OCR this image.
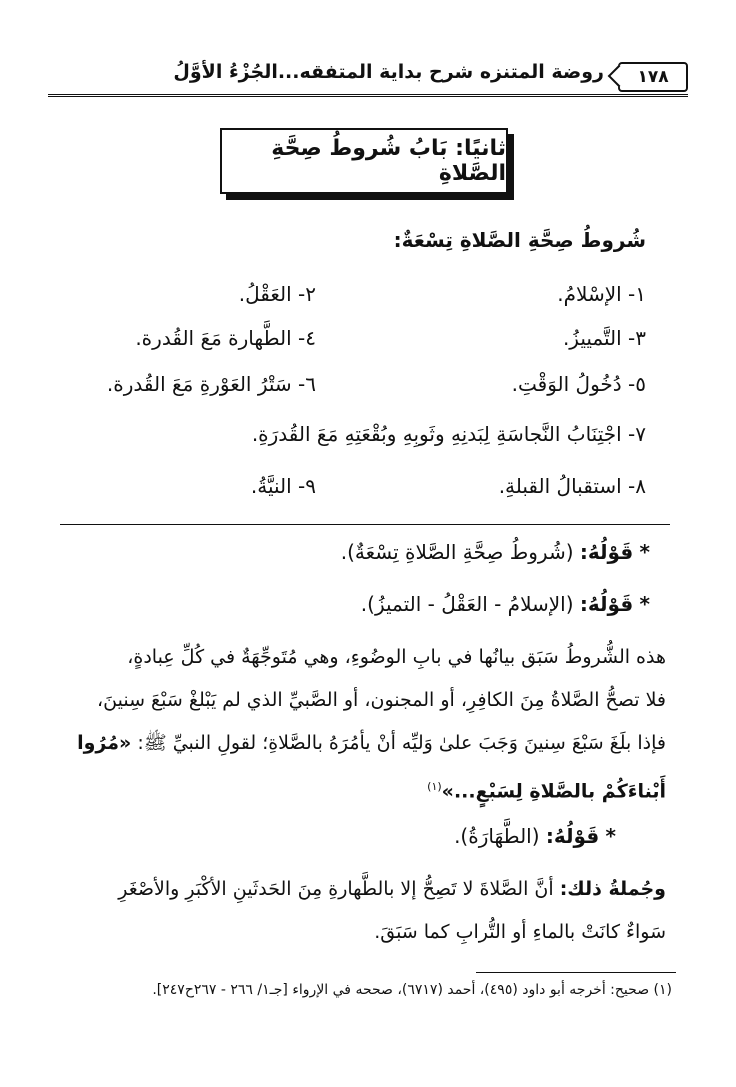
١٧٨
روضة المتنزه شرح بداية المتفقه...الجُزْءُ الأوَّلُ
ثانيًا: بَابُ شُروطُ صِحَّةِ الصَّلاةِ
شُروطُ صِحَّةِ الصَّلاةِ تِسْعَةٌ:
١- الإسْلامُ.
٢- العَقْلُ.
٣- التَّمييزُ.
٤- الطَّهارة مَعَ القُدرة.
٥- دُخُولُ الوَقْتِ.
٦- سَتْرُ العَوْرةِ مَعَ القُدرة.
٧- اجْتِنَابُ النَّجاسَةِ لِبَدنِهِ وثَوبِهِ وبُقْعَتِهِ مَعَ القُدرَةِ.
٨- استقبالُ القبلةِ.
٩- النيَّةُ.
* قَوْلُهُ: (شُروطُ صِحَّةِ الصَّلاةِ تِسْعَةٌ).
* قَوْلُهُ: (الإسلامُ - العَقْلُ - التميزُ).

هذه الشُّروطُ سَبَق بيانُها في بابِ الوضُوءِ، وهي مُتَوجِّهَةٌ في كُلِّ عِبادةٍ،

فلا تصحُّ الصَّلاةُ مِنَ الكافِرِ، أو المجنون، أو الصَّبيِّ الذي لم يَبْلغْ سَبْعَ سِنينَ،

فإذا بلَغَ سَبْعَ سِنينَ وَجَبَ علىٰ وَليِّه أنْ يأمُرَهُ بالصَّلاةِ؛ لقولِ النبيِّ ﷺ: «مُرُوا

أَبْناءَكُمْ بالصَّلاةِ لِسَبْعٍ...»$^{(١)}$

* قَوْلُهُ: (الطَّهَارَةُ).

وجُملةُ ذلك: أنَّ الصَّلاةَ لا تَصِحُّ إلا بالطَّهارةِ مِنَ الحَدثَينِ الأكْبَرِ والأصْغَرِ

سَواءٌ كانَتْ بالماءِ أو التُّرابِ كما سَبَقَ.

(١) صحيح: أخرجه أبو داود (٤٩٥)، أحمد (٦٧١٧)، صححه في الإرواء [جـ١/ ٢٦٦ - ٢٦٧ح٢٤٧].
